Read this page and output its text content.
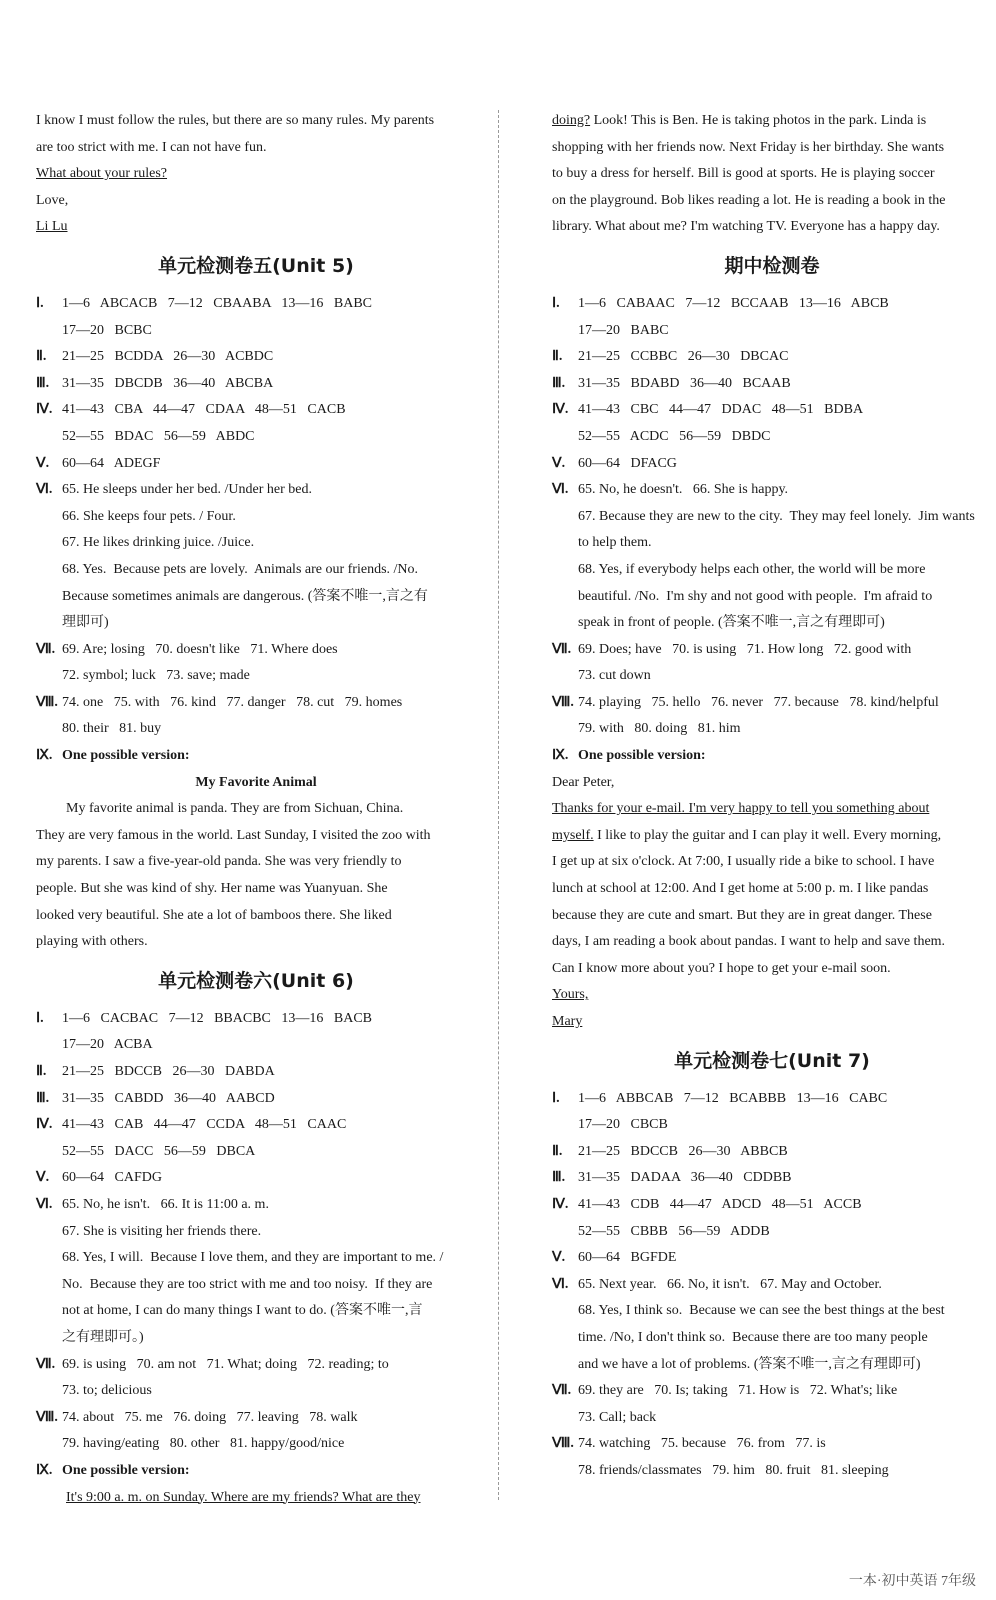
I know I must follow the rules, but there are so many rules. My parents
are too strict with me. I can not have fun.
What about your rules?
Love,
Li Lu
单元检测卷五(Unit 5)
Ⅰ. 1—6   ABCACB   7—12   CBAABA   13—16   BABC
17—20   BCBC
Ⅱ. 21—25   BCDDA   26—30   ACBDC
Ⅲ. 31—35   DBCDB   36—40   ABCBA
Ⅳ. 41—43   CBA   44—47   CDAA   48—51   CACB
52—55   BDAC   56—59   ABDC
Ⅴ. 60—64   ADEGF
Ⅵ. 65. He sleeps under her bed. /Under her bed.
66. She keeps four pets. / Four.
67. He likes drinking juice. /Juice.
68. Yes.  Because pets are lovely.  Animals are our friends. /No.
Because sometimes animals are dangerous. (答案不唯一,言之有
理即可)
Ⅶ. 69. Are; losing   70. doesn't like   71. Where does
72. symbol; luck   73. save; made
Ⅷ. 74. one   75. with   76. kind   77. danger   78. cut   79. homes
80. their   81. buy
Ⅸ. One possible version:
My Favorite Animal
My favorite animal is panda. They are from Sichuan, China.
They are very famous in the world. Last Sunday, I visited the zoo with
my parents. I saw a five-year-old panda. She was very friendly to
people. But she was kind of shy. Her name was Yuanyuan. She
looked very beautiful. She ate a lot of bamboos there. She liked
playing with others.
单元检测卷六(Unit 6)
Ⅰ. 1—6   CACBAC   7—12   BBACBC   13—16   BACB
17—20   ACBA
Ⅱ. 21—25   BDCCB   26—30   DABDA
Ⅲ. 31—35   CABDD   36—40   AABCD
Ⅳ. 41—43   CAB   44—47   CCDA   48—51   CAAC
52—55   DACC   56—59   DBCA
Ⅴ. 60—64   CAFDG
Ⅵ. 65. No, he isn't.   66. It is 11:00 a. m.
67. She is visiting her friends there.
68. Yes, I will.  Because I love them, and they are important to me. /
No.  Because they are too strict with me and too noisy.  If they are
not at home, I can do many things I want to do. (答案不唯一,言
之有理即可。)
Ⅶ. 69. is using   70. am not   71. What; doing   72. reading; to
73. to; delicious
Ⅷ. 74. about   75. me   76. doing   77. leaving   78. walk
79. having/eating   80. other   81. happy/good/nice
Ⅸ. One possible version:
It's 9:00 a. m. on Sunday. Where are my friends? What are they
doing? Look! This is Ben. He is taking photos in the park. Linda is
shopping with her friends now. Next Friday is her birthday. She wants
to buy a dress for herself. Bill is good at sports. He is playing soccer
on the playground. Bob likes reading a lot. He is reading a book in the
library. What about me? I'm watching TV. Everyone has a happy day.
期中检测卷
Ⅰ. 1—6   CABAAC   7—12   BCCAAB   13—16   ABCB
17—20   BABC
Ⅱ. 21—25   CCBBC   26—30   DBCAC
Ⅲ. 31—35   BDABD   36—40   BCAAB
Ⅳ. 41—43   CBC   44—47   DDAC   48—51   BDBA
52—55   ACDC   56—59   DBDC
Ⅴ. 60—64   DFACG
Ⅵ. 65. No, he doesn't.   66. She is happy.
67. Because they are new to the city.  They may feel lonely.  Jim wants
to help them.
68. Yes, if everybody helps each other, the world will be more
beautiful. /No.  I'm shy and not good with people.  I'm afraid to
speak in front of people. (答案不唯一,言之有理即可)
Ⅶ. 69. Does; have   70. is using   71. How long   72. good with
73. cut down
Ⅷ. 74. playing   75. hello   76. never   77. because   78. kind/helpful
79. with   80. doing   81. him
Ⅸ. One possible version:
Dear Peter,
Thanks for your e-mail. I'm very happy to tell you something about
myself. I like to play the guitar and I can play it well. Every morning,
I get up at six o'clock. At 7:00, I usually ride a bike to school. I have
lunch at school at 12:00. And I get home at 5:00 p. m. I like pandas
because they are cute and smart. But they are in great danger. These
days, I am reading a book about pandas. I want to help and save them.
Can I know more about you? I hope to get your e-mail soon.
Yours,
Mary
单元检测卷七(Unit 7)
Ⅰ. 1—6   ABBCAB   7—12   BCABBB   13—16   CABC
17—20   CBCB
Ⅱ. 21—25   BDCCB   26—30   ABBCB
Ⅲ. 31—35   DADAA   36—40   CDDBB
Ⅳ. 41—43   CDB   44—47   ADCD   48—51   ACCB
52—55   CBBB   56—59   ADDB
Ⅴ. 60—64   BGFDE
Ⅵ. 65. Next year.   66. No, it isn't.   67. May and October.
68. Yes, I think so.  Because we can see the best things at the best
time. /No, I don't think so.  Because there are too many people
and we have a lot of problems. (答案不唯一,言之有理即可)
Ⅶ. 69. they are   70. Is; taking   71. How is   72. What's; like
73. Call; back
Ⅷ. 74. watching   75. because   76. from   77. is
78. friends/classmates   79. him   80. fruit   81. sleeping
一本·初中英语 7年级
